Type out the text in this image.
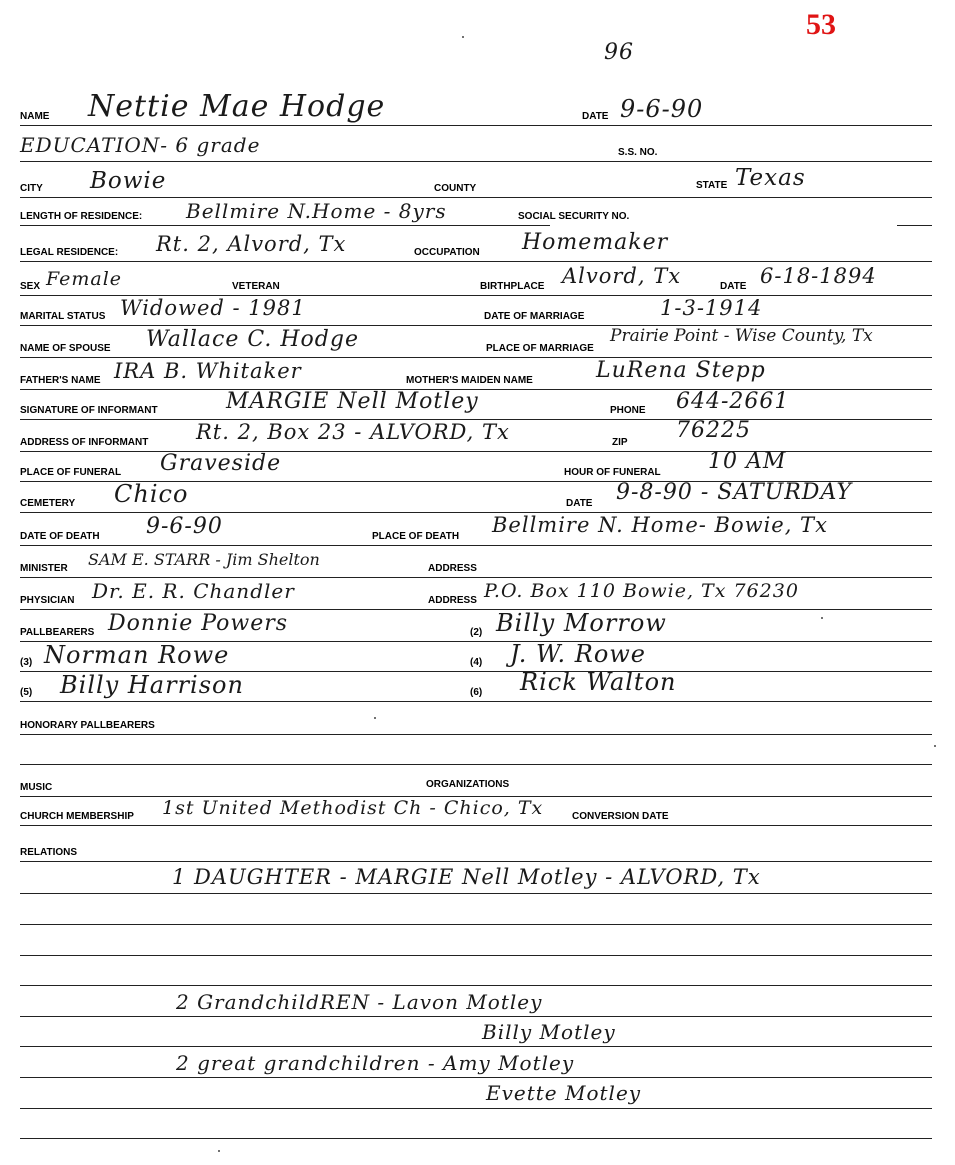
53
96
NAME Nettie Mae Hodge	DATE 9-6-90
EDUCATION- 6 grade	S.S. NO.
CITY Bowie	COUNTY	STATE Texas
LENGTH OF RESIDENCE: Bellmire N.Home - 8yrs	SOCIAL SECURITY NO.
LEGAL RESIDENCE: Rt. 2, Alvord, Tx	OCCUPATION Homemaker
SEX Female	VETERAN	BIRTHPLACE Alvord, Tx	DATE 6-18-1894
MARITAL STATUS Widowed - 1981	DATE OF MARRIAGE	1-3-1914
NAME OF SPOUSE Wallace C. Hodge	PLACE OF MARRIAGE
Prairie Point - Wise County, Tx
FATHER'S NAME IRA B. Whitaker	MOTHER'S MAIDEN NAME	LuRena Stepp
SIGNATURE OF INFORMANT	MARGIE Nell Motley	PHONE 644-2661
ADDRESS OF INFORMANT Rt. 2, Box 23 - ALVORD, Tx	ZIP 76225
PLACE OF FUNERAL Graveside	HOUR OF FUNERAL 10 AM
CEMETERY Chico	DATE 9-8-90 - SATURDAY
DATE OF DEATH 9-6-90	PLACE OF DEATH Bellmire N. Home- Bowie, Tx
MINISTER SAM E. STARR - Jim Shelton	ADDRESS
PHYSICIAN Dr. E. R. Chandler	ADDRESS P.O. Box 110 Bowie, Tx 76230
PALLBEARERS Donnie Powers	(2) Billy Morrow
(3) Norman Rowe	(4) J. W. Rowe
(5) Billy Harrison	(6) Rick Walton
HONORARY PALLBEARERS
MUSIC	ORGANIZATIONS
CHURCH MEMBERSHIP 1st United Methodist Ch - Chico, Tx	CONVERSION DATE
RELATIONS
1 DAUGHTER - MARGIE Nell Motley - ALVORD, Tx
2 GrandchildREN - Lavon Motley
Billy Motley
2 great grandchildren - Amy Motley
Evette Motley
